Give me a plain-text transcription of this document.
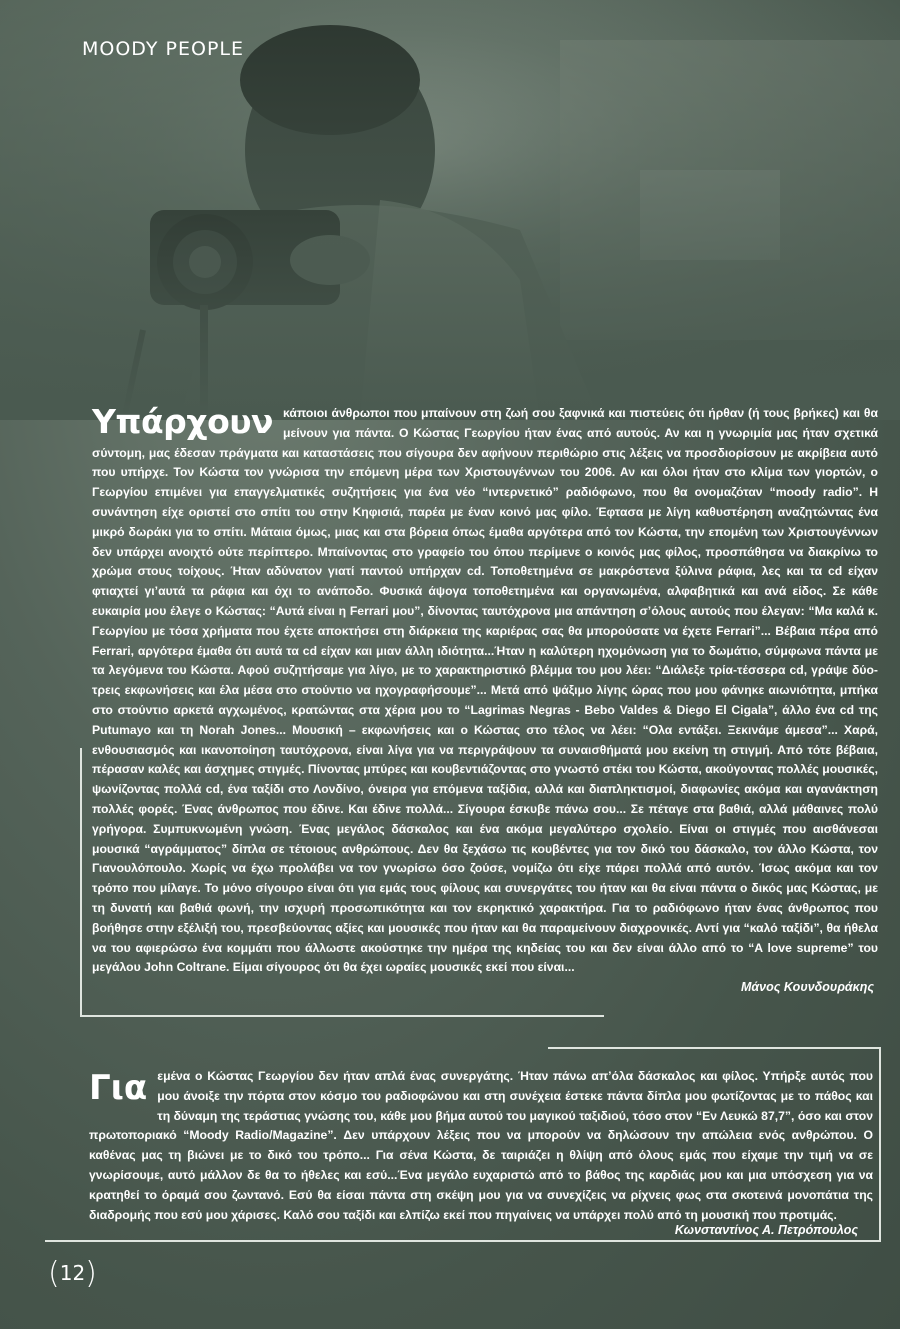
MOODY PEOPLE
Υπάρχουν κάποιοι άνθρωποι που μπαίνουν στη ζωή σου ξαφνικά και πιστεύεις ότι ήρθαν (ή τους βρήκες) και θα μείνουν για πάντα. Ο Κώστας Γεωργίου ήταν ένας από αυτούς. Αν και η γνωριμία μας ήταν σχετικά σύντομη, μας έδεσαν πράγματα και καταστάσεις που σίγουρα δεν αφήνουν περιθώριο στις λέξεις να προσδιορίσουν με ακρίβεια αυτό που υπήρχε. Τον Κώστα τον γνώρισα την επόμενη μέρα των Χριστουγέννων του 2006. Αν και όλοι ήταν στο κλίμα των γιορτών, ο Γεωργίου επιμένει για επαγγελματικές συζητήσεις για ένα νέο “ιντερνετικό” ραδιόφωνο, που θα ονομαζόταν “moody radio”. Η συνάντηση είχε οριστεί στο σπίτι του στην Κηφισιά, παρέα με έναν κοινό μας φίλο. Έφτασα με λίγη καθυστέρηση αναζητώντας ένα μικρό δωράκι για το σπίτι. Μάταια όμως, μιας και στα βόρεια όπως έμαθα αργότερα από τον Κώστα, την επομένη των Χριστουγέννων δεν υπάρχει ανοιχτό ούτε περίπτερο. Μπαίνοντας στο γραφείο του όπου περίμενε ο κοινός μας φίλος, προσπάθησα να διακρίνω το χρώμα στους τοίχους. Ήταν αδύνατον γιατί παντού υπήρχαν cd. Τοποθετημένα σε μακρόστενα ξύλινα ράφια, λες και τα cd είχαν φτιαχτεί γι’αυτά τα ράφια και όχι το ανάποδο. Φυσικά άψογα τοποθετημένα και οργανωμένα, αλφαβητικά και ανά είδος. Σε κάθε ευκαιρία μου έλεγε ο Κώστας: “Αυτά είναι η Ferrari μου”, δίνοντας ταυτόχρονα μια απάντηση σ’όλους αυτούς που έλεγαν: “Μα καλά κ. Γεωργίου με τόσα χρήματα που έχετε αποκτήσει στη διάρκεια της καριέρας σας θα μπορούσατε να έχετε Ferrari”... Βέβαια πέρα από Ferrari, αργότερα έμαθα ότι αυτά τα cd είχαν και μιαν άλλη ιδιότητα...Ήταν η καλύτερη ηχομόνωση για το δωμάτιο, σύμφωνα πάντα με τα λεγόμενα του Κώστα. Αφού συζητήσαμε για λίγο, με το χαρακτηριστικό βλέμμα του μου λέει: “Διάλεξε τρία-τέσσερα cd, γράψε δύο-τρεις εκφωνήσεις και έλα μέσα στο στούντιο να ηχογραφήσουμε”... Μετά από ψάξιμο λίγης ώρας που μου φάνηκε αιωνιότητα, μπήκα στο στούντιο αρκετά αγχωμένος, κρατώντας στα χέρια μου το “Lagrimas Negras - Bebo Valdes & Diego El Cigala”, άλλο ένα cd της Putumayo και τη Norah Jones... Μουσική – εκφωνήσεις και ο Κώστας στο τέλος να λέει: “Ολα εντάξει. Ξεκινάμε άμεσα”... Χαρά, ενθουσιασμός και ικανοποίηση ταυτόχρονα, είναι λίγα για να περιγράψουν τα συναισθήματά μου εκείνη τη στιγμή. Από τότε βέβαια, πέρασαν καλές και άσχημες στιγμές. Πίνοντας μπύρες και κουβεντιάζοντας στο γνωστό στέκι του Κώστα, ακούγοντας πολλές μουσικές, ψωνίζοντας πολλά cd, ένα ταξίδι στο Λονδίνο, όνειρα για επόμενα ταξίδια, αλλά και διαπληκτισμοί, διαφωνίες ακόμα και αγανάκτηση πολλές φορές. Ένας άνθρωπος που έδινε. Και έδινε πολλά... Σίγουρα έσκυβε πάνω σου... Σε πέταγε στα βαθιά, αλλά μάθαινες πολύ γρήγορα. Συμπυκνωμένη γνώση. Ένας μεγάλος δάσκαλος και ένα ακόμα μεγαλύτερο σχολείο. Είναι οι στιγμές που αισθάνεσαι μουσικά “αγράμματος” δίπλα σε τέτοιους ανθρώπους. Δεν θα ξεχάσω τις κουβέντες για τον δικό του δάσκαλο, τον άλλο Κώστα, τον Γιανουλόπουλο. Χωρίς να έχω προλάβει να τον γνωρίσω όσο ζούσε, νομίζω ότι είχε πάρει πολλά από αυτόν. Ίσως ακόμα και τον τρόπο που μίλαγε. Το μόνο σίγουρο είναι ότι για εμάς τους φίλους και συνεργάτες του ήταν και θα είναι πάντα ο δικός μας Κώστας, με τη δυνατή και βαθιά φωνή, την ισχυρή προσωπικότητα και τον εκρηκτικό χαρακτήρα. Για το ραδιόφωνο ήταν ένας άνθρωπος που βοήθησε στην εξέλιξή του, πρεσβεύοντας αξίες και μουσικές που ήταν και θα παραμείνουν διαχρονικές. Αντί για “καλό ταξίδι”, θα ήθελα να του αφιερώσω ένα κομμάτι που άλλωστε ακούστηκε την ημέρα της κηδείας του και δεν είναι άλλο από το “A love supreme” του μεγάλου John Coltrane. Είμαι σίγουρος ότι θα έχει ωραίες μουσικές εκεί που είναι...
Μάνος Κουνδουράκης
Για εμένα ο Κώστας Γεωργίου δεν ήταν απλά ένας συνεργάτης. Ήταν πάνω απ’όλα δάσκαλος και φίλος. Υπήρξε αυτός που μου άνοιξε την πόρτα στον κόσμο του ραδιοφώνου και στη συνέχεια έστεκε πάντα δίπλα μου φωτίζοντας με το πάθος και τη δύναμη της τεράστιας γνώσης του, κάθε μου βήμα αυτού του μαγικού ταξιδιού, τόσο στον “Εν Λευκώ 87,7”, όσο και στον πρωτοποριακό “Moody Radio/Magazine”. Δεν υπάρχουν λέξεις που να μπορούν να δηλώσουν την απώλεια ενός ανθρώπου. Ο καθένας μας τη βιώνει με το δικό του τρόπο... Για σένα Κώστα, δε ταιριάζει η θλίψη από όλους εμάς που είχαμε την τιμή να σε γνωρίσουμε, αυτό μάλλον δε θα το ήθελες και εσύ...Ένα μεγάλο ευχαριστώ από το βάθος της καρδιάς μου και μια υπόσχεση για να κρατηθεί το όραμά σου ζωντανό. Εσύ θα είσαι πάντα στη σκέψη μου για να συνεχίζεις να ρίχνεις φως στα σκοτεινά μονοπάτια της διαδρομής που εσύ μου χάρισες. Καλό σου ταξίδι και ελπίζω εκεί που πηγαίνεις να υπάρχει πολύ από τη μουσική που προτιμάς.
Κωνσταντίνος Α. Πετρόπουλος
(12)
